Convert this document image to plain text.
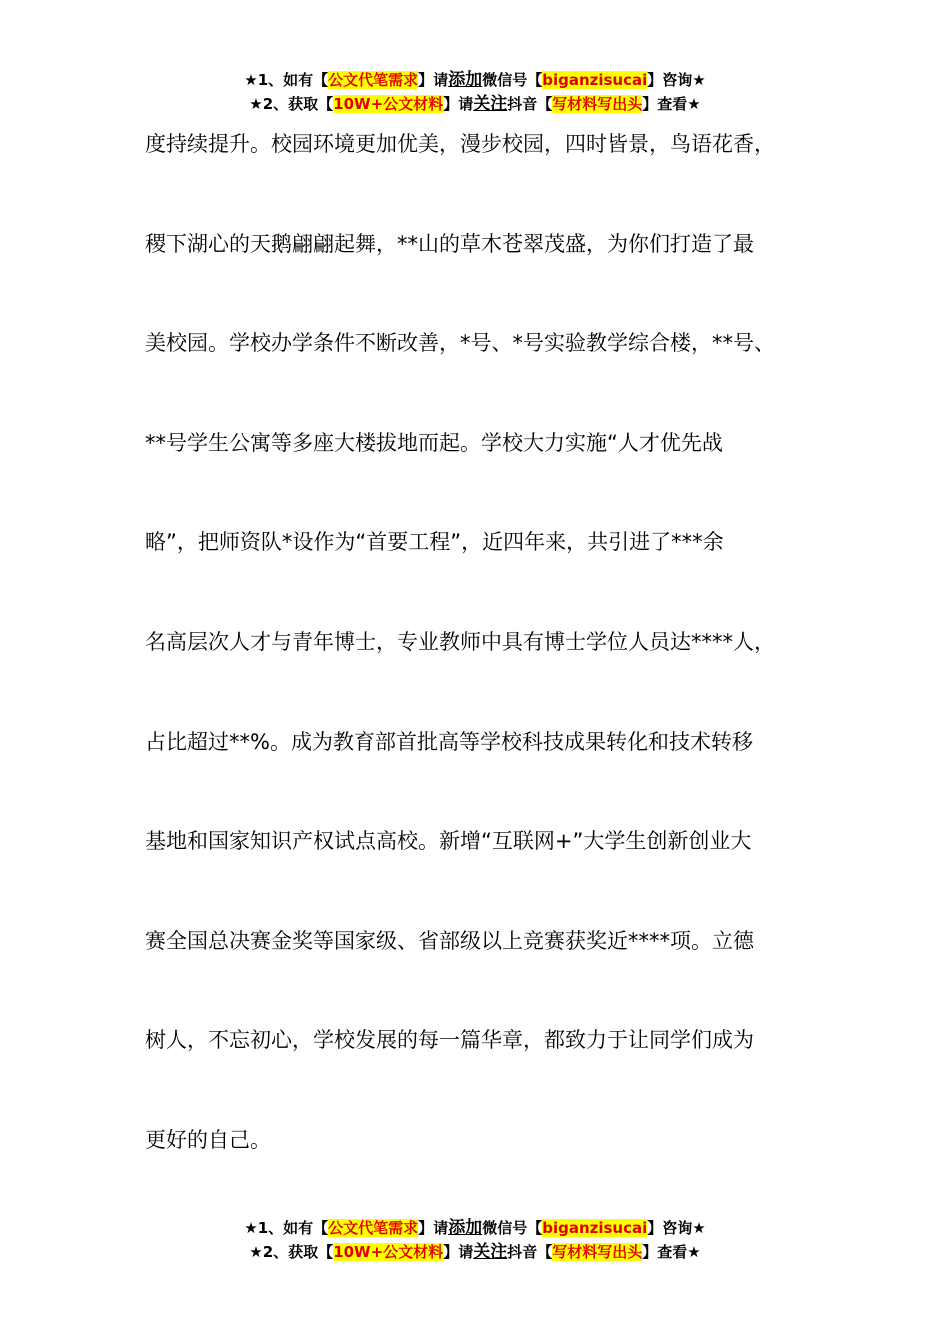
★1、如有【公文代笔需求】请添加微信号【biganzisucai】咨询★
★2、获取【10W+公文材料】请关注抖音【写材料写出头】查看★
度持续提升。校园环境更加优美，漫步校园，四时皆景，鸟语花香，
稷下湖心的天鹅翩翩起舞，**山的草木苍翠茂盛，为你们打造了最
美校园。学校办学条件不断改善，*号、*号实验教学综合楼，**号、
**号学生公寓等多座大楼拔地而起。学校大力实施“人才优先战
略”，把师资队*设作为“首要工程”，近四年来，共引进了***余
名高层次人才与青年博士，专业教师中具有博士学位人员达****人，
占比超过**%。成为教育部首批高等学校科技成果转化和技术转移
基地和国家知识产权试点高校。新增“互联网+”大学生创新创业大
赛全国总决赛金奖等国家级、省部级以上竞赛获奖近****项。立德
树人，不忘初心，学校发展的每一篇华章，都致力于让同学们成为
更好的自己。
★1、如有【公文代笔需求】请添加微信号【biganzisucai】咨询★
★2、获取【10W+公文材料】请关注抖音【写材料写出头】查看★
